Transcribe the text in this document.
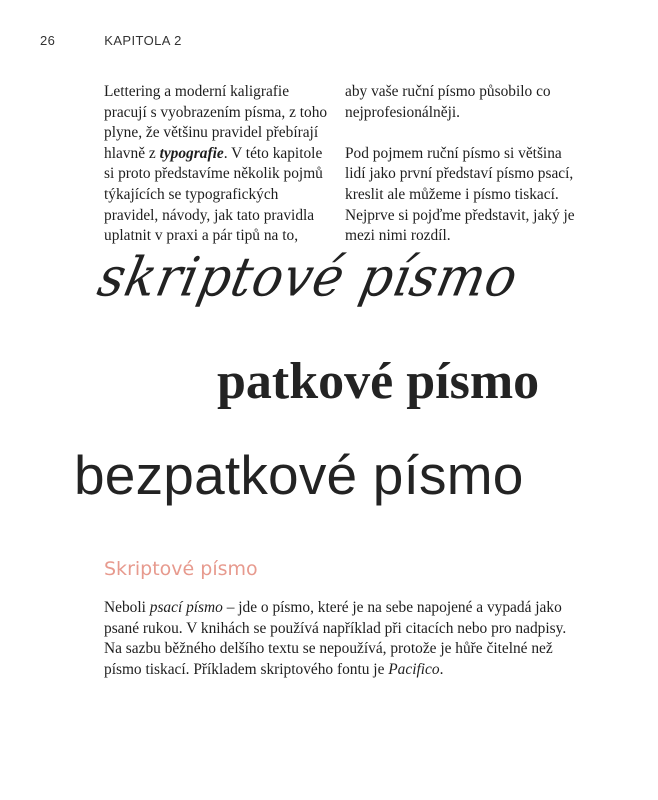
26	KAPITOLA 2

Lettering a moderní kaligrafie pracují s vyobrazením písma, z toho plyne, že většinu pravidel přebírají hlavně z typografie. V této kapitole si proto představíme několik pojmů týkajících se typografických pravidel, návody, jak tato pravidla uplatnit v praxi a pár tipů na to,

aby vaše ruční písmo působilo co nejprofesionálněji.

Pod pojmem ruční písmo si většina lidí jako první představí písmo psací, kreslit ale můžeme i písmo tiskací. Nejprve si pojďme představit, jaký je mezi nimi rozdíl.

skriptové písmo
patkové písmo
bezpatkové písmo
Skriptové písmo

Neboli psací písmo – jde o písmo, které je na sebe napojené a vypadá jako psané rukou. V knihách se používá například při citacích nebo pro nadpisy. Na sazbu běžného delšího textu se nepoužívá, protože je hůře čitelné než písmo tiskací. Příkladem skriptového fontu je Pacifico.
